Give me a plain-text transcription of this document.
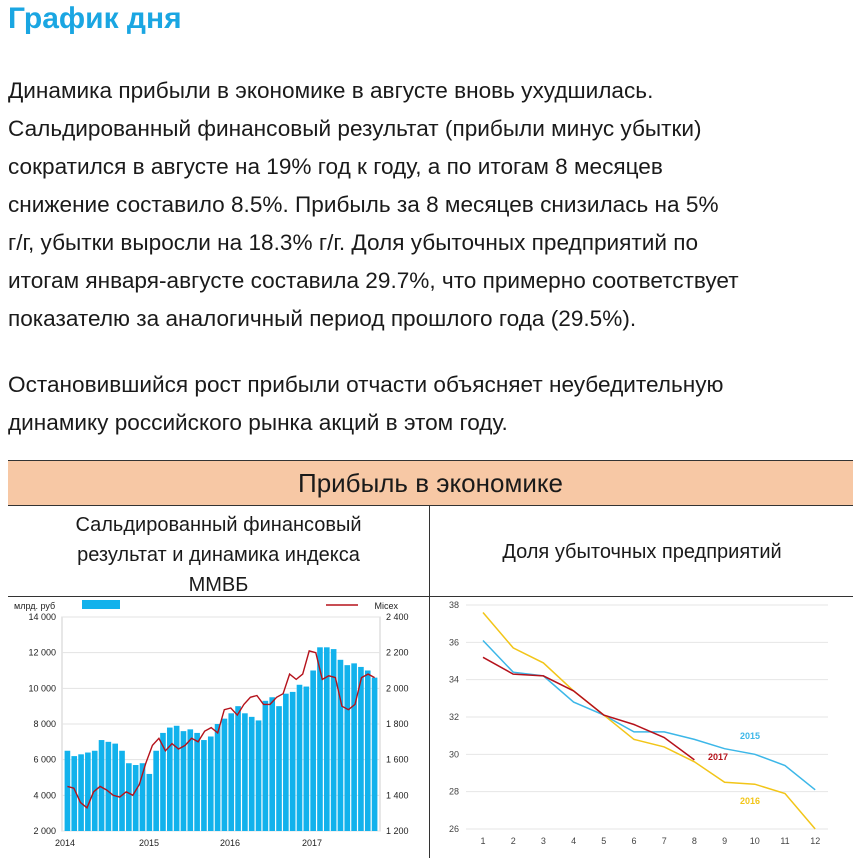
График дня
Динамика прибыли в экономике в августе вновь ухудшилась.
Сальдированный финансовый результат (прибыли минус убытки)
сократился в августе на 19% год к году, а по итогам 8 месяцев
снижение составило 8.5%. Прибыль за 8 месяцев снизилась на 5%
г/г, убытки выросли на 18.3% г/г. Доля убыточных предприятий по
итогам января-августе составила 29.7%, что примерно соответствует
показателю за аналогичный период прошлого года (29.5%).
Остановившийся рост прибыли отчасти объясняет неубедительную
динамику российского рынка акций в этом году.
Прибыль в экономике
Сальдированный финансовый
результат и динамика индекса
ММВБ
Доля убыточных предприятий
2 000
4 000
6 000
8 000
10 000
12 000
14 000
1 200
1 400
1 600
1 800
2 000
2 200
2 400
2014	2015	2016	2017
млрд. руб	Micex
26
28
30
32
34
36
38
1	2	3	4	5	6	7	8	9	10 11 12
2015
2016
2017
